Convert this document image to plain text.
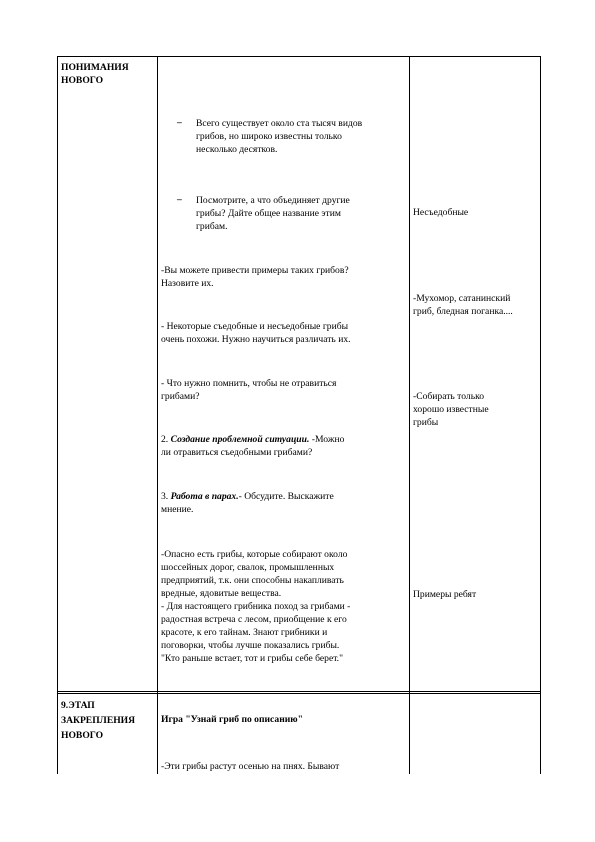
ПОНИМАНИЯ
НОВОГО
– Всего существует около ста тысяч видов
грибов, но широко известны только
несколько десятков.
– Посмотрите, а что объединяет другие
грибы? Дайте общее название этим
грибам.
-Вы можете привести примеры таких грибов?
Назовите их.
- Некоторые съедобные и несъедобные грибы
очень похожи. Нужно научиться различать их.
- Что нужно помнить, чтобы не отравиться
грибами?
2. Создание проблемной ситуации. -Можно
ли отравиться съедобными грибами?
3. Работа в парах.- Обсудите. Выскажите
мнение.
-Опасно есть грибы, которые собирают около
шоссейных дорог, свалок, промышленных
предприятий, т.к. они способны накапливать
вредные, ядовитые вещества.
- Для настоящего грибника поход за грибами -
радостная встреча с лесом, приобщение к его
красоте, к его тайнам. Знают грибники и
поговорки, чтобы лучше показались грибы.
"Кто раньше встает, тот и грибы себе берет."
Несъедобные
-Мухомор, сатанинский
гриб, бледная поганка....
-Собирать только
хорошо известные
грибы
Примеры ребят
9.ЭТАП
ЗАКРЕПЛЕНИЯ
НОВОГО
Игра "Узнай гриб по описанию"
-Эти грибы растут осенью на пнях. Бывают
